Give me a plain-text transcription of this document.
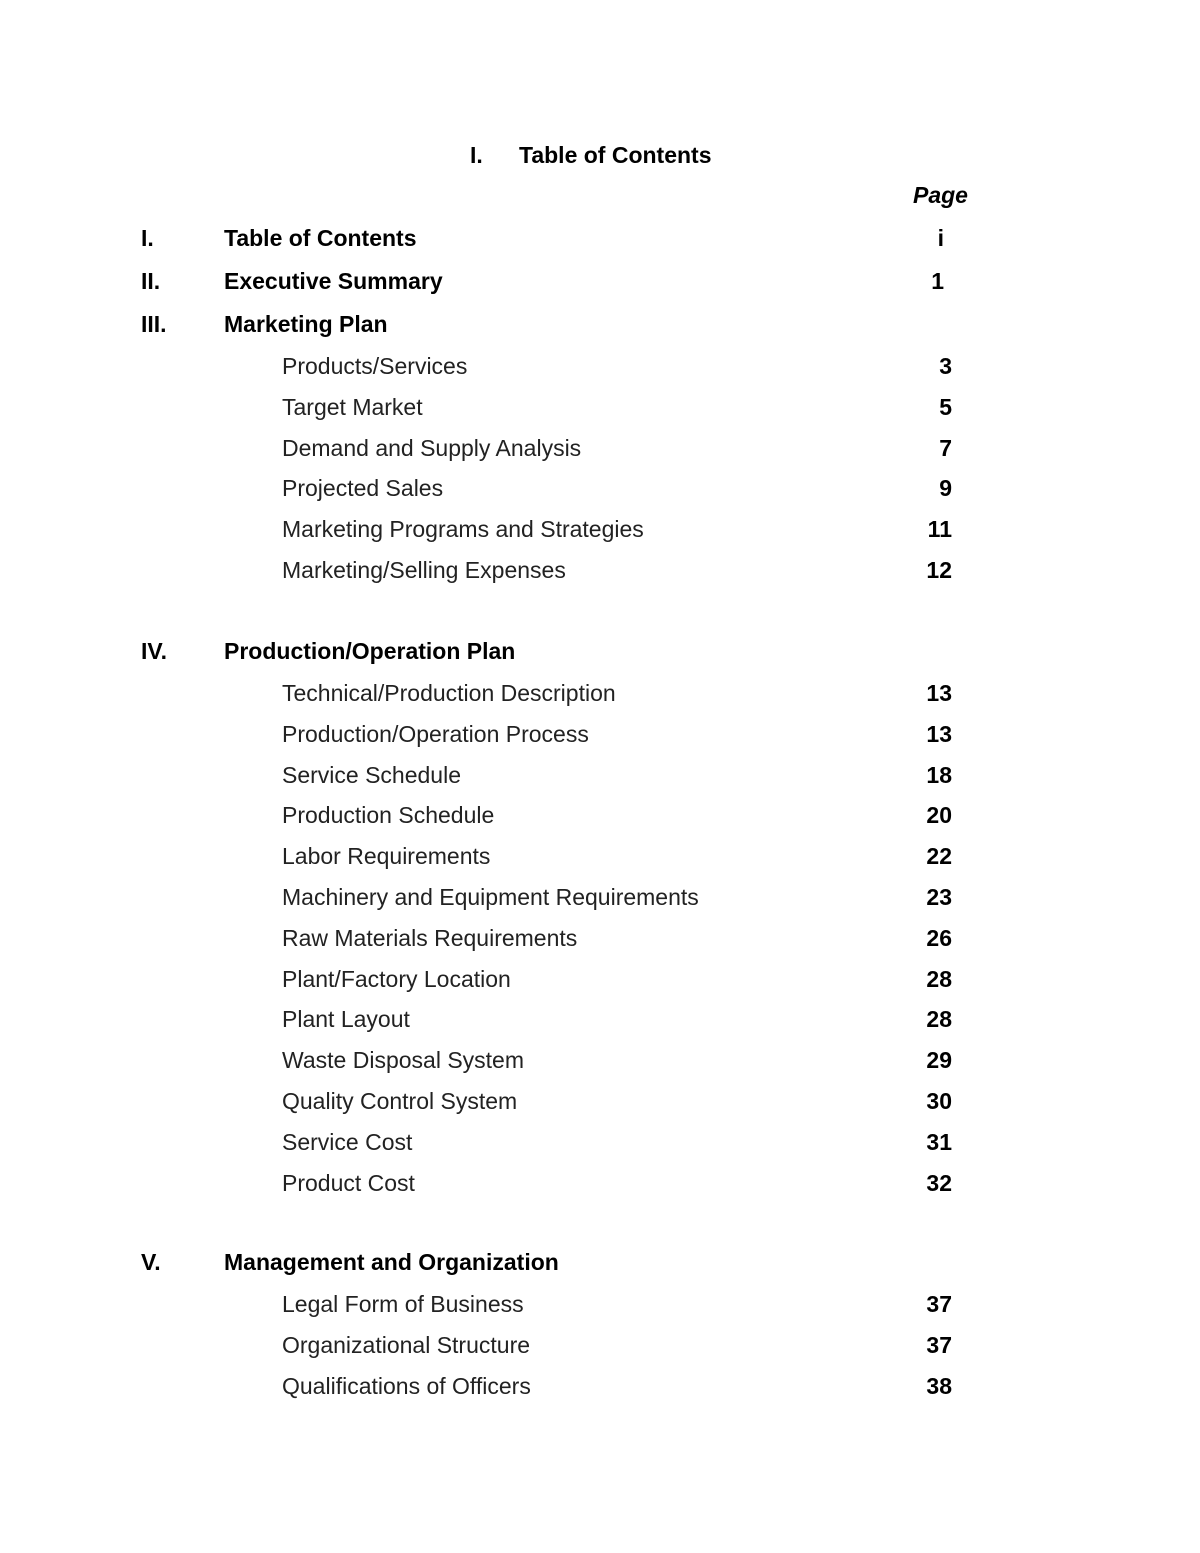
I. Table of Contents
Page
I.	Table of Contents	i
II.	Executive Summary	1
III. Marketing Plan
Products/Services	3
Target Market	5
Demand and Supply Analysis	7
Projected Sales	9
Marketing Programs and Strategies	11
Marketing/Selling Expenses	12
IV. Production/Operation Plan
Technical/Production Description	13
Production/Operation Process	13
Service Schedule	18
Production Schedule	20
Labor Requirements	22
Machinery and Equipment Requirements	23
Raw Materials Requirements	26
Plant/Factory Location	28
Plant Layout	28
Waste Disposal System	29
Quality Control System	30
Service Cost	31
Product Cost	32
V.	Management and Organization
Legal Form of Business	37
Organizational Structure	37
Qualifications of Officers	38
